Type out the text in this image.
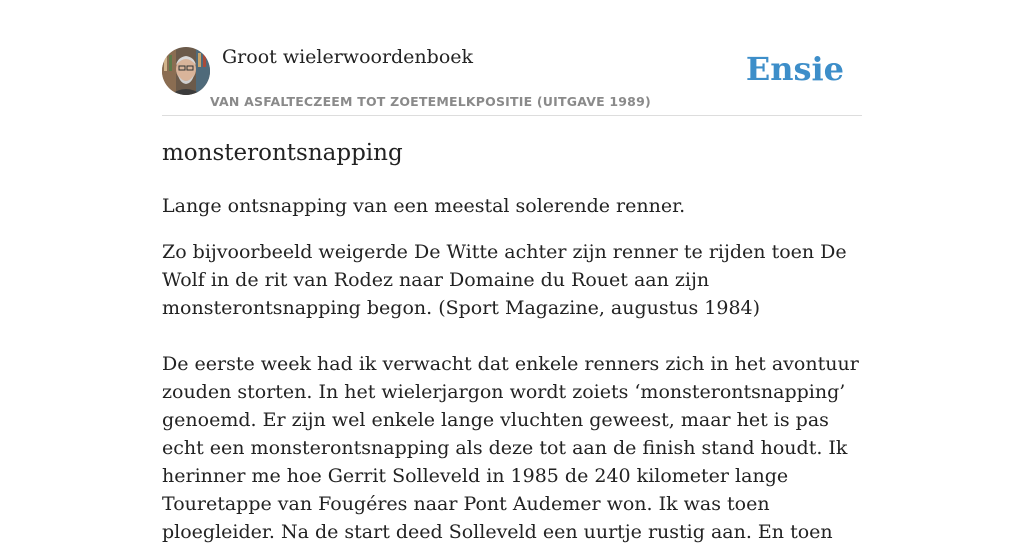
Groot wielerwoordenboek
VAN ASFALTECZEEM TOT ZOETEMELKPOSITIE (UITGAVE 1989)
Ensie
monsterontsnapping

Lange ontsnapping van een meestal solerende renner.

Zo bijvoorbeeld weigerde De Witte achter zijn renner te rijden toen De Wolf in de rit van Rodez naar Domaine du Rouet aan zijn monsterontsnapping begon. (Sport Magazine, augustus 1984)

De eerste week had ik verwacht dat enkele renners zich in het avontuur zouden storten. In het wielerjargon wordt zoiets ‘monsterontsnapping’ genoemd. Er zijn wel enkele lange vluchten geweest, maar het is pas echt een monsterontsnapping als deze tot aan de finish stand houdt. Ik herinner me hoe Gerrit Solleveld in 1985 de 240 kilometer lange Touretappe van Fougéres naar Pont Audemer won. Ik was toen ploegleider. Na de start deed Solleveld een uurtje rustig aan. En toen
